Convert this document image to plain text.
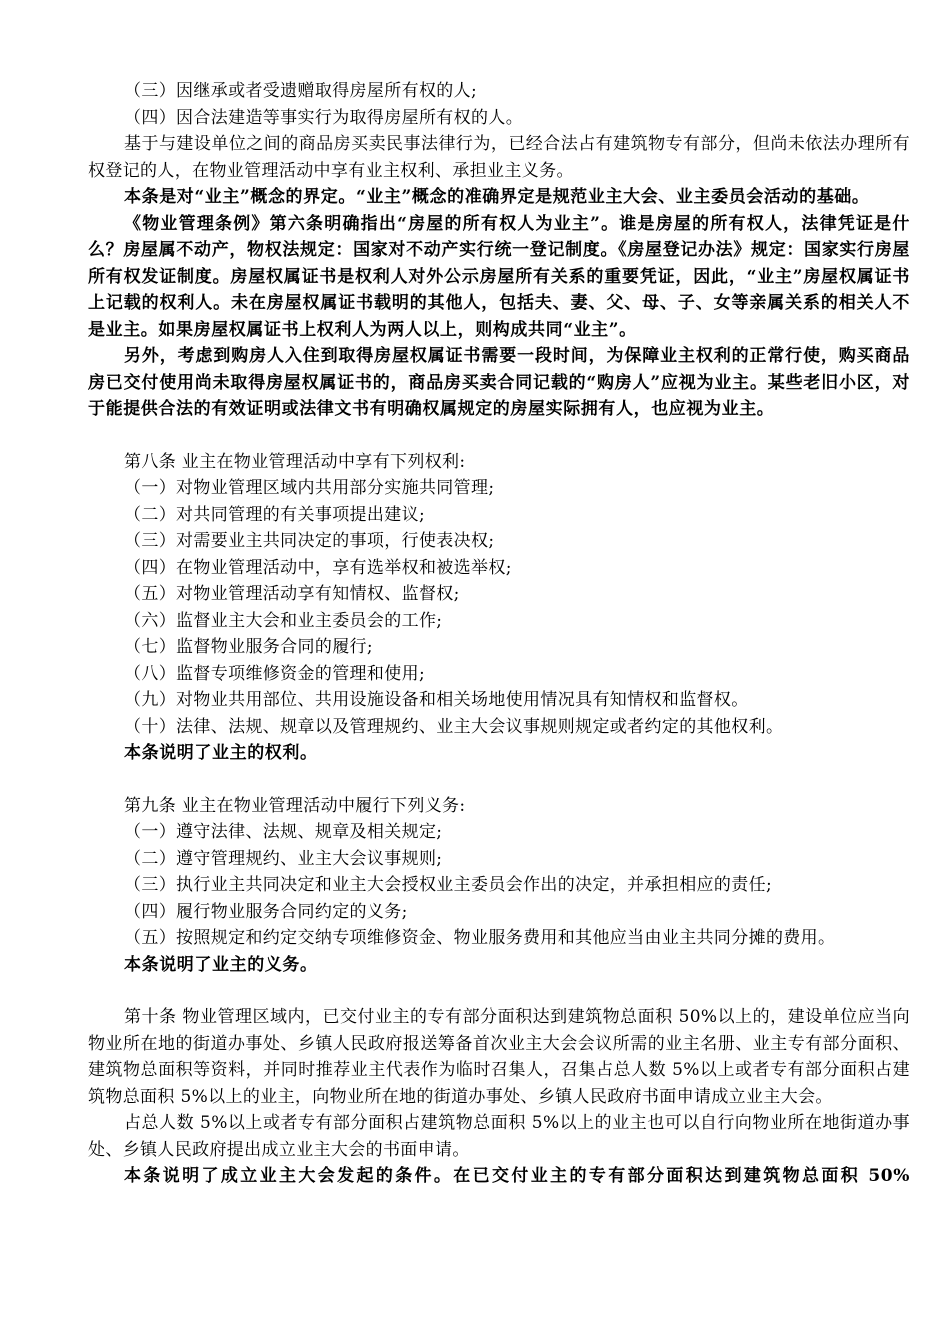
（三）因继承或者受遗赠取得房屋所有权的人;

（四）因合法建造等事实行为取得房屋所有权的人。

基于与建设单位之间的商品房买卖民事法律行为，已经合法占有建筑物专有部分，但尚未依法办理所有权登记的人，在物业管理活动中享有业主权利、承担业主义务。

本条是对“业主”概念的界定。“业主”概念的准确界定是规范业主大会、业主委员会活动的基础。

《物业管理条例》第六条明确指出“房屋的所有权人为业主”。谁是房屋的所有权人，法律凭证是什么？房屋属不动产，物权法规定：国家对不动产实行统一登记制度。《房屋登记办法》规定：国家实行房屋所有权发证制度。房屋权属证书是权利人对外公示房屋所有关系的重要凭证，因此，“业主”房屋权属证书上记载的权利人。未在房屋权属证书载明的其他人，包括夫、妻、父、母、子、女等亲属关系的相关人不是业主。如果房屋权属证书上权利人为两人以上，则构成共同“业主”。

另外，考虑到购房人入住到取得房屋权属证书需要一段时间，为保障业主权利的正常行使，购买商品房已交付使用尚未取得房屋权属证书的，商品房买卖合同记载的“购房人”应视为业主。某些老旧小区，对于能提供合法的有效证明或法律文书有明确权属规定的房屋实际拥有人，也应视为业主。

第八条 业主在物业管理活动中享有下列权利:

（一）对物业管理区域内共用部分实施共同管理;

（二）对共同管理的有关事项提出建议;

（三）对需要业主共同决定的事项，行使表决权;

（四）在物业管理活动中，享有选举权和被选举权;

（五）对物业管理活动享有知情权、监督权;

（六）监督业主大会和业主委员会的工作;

（七）监督物业服务合同的履行;

（八）监督专项维修资金的管理和使用;

（九）对物业共用部位、共用设施设备和相关场地使用情况具有知情权和监督权。

（十）法律、法规、规章以及管理规约、业主大会议事规则规定或者约定的其他权利。

本条说明了业主的权利。

第九条 业主在物业管理活动中履行下列义务:

（一）遵守法律、法规、规章及相关规定;

（二）遵守管理规约、业主大会议事规则;

（三）执行业主共同决定和业主大会授权业主委员会作出的决定，并承担相应的责任;

（四）履行物业服务合同约定的义务;

（五）按照规定和约定交纳专项维修资金、物业服务费用和其他应当由业主共同分摊的费用。

本条说明了业主的义务。

第十条 物业管理区域内，已交付业主的专有部分面积达到建筑物总面积 50%以上的，建设单位应当向物业所在地的街道办事处、乡镇人民政府报送筹备首次业主大会会议所需的业主名册、业主专有部分面积、建筑物总面积等资料，并同时推荐业主代表作为临时召集人，召集占总人数 5%以上或者专有部分面积占建筑物总面积 5%以上的业主，向物业所在地的街道办事处、乡镇人民政府书面申请成立业主大会。

占总人数 5%以上或者专有部分面积占建筑物总面积 5%以上的业主也可以自行向物业所在地街道办事处、乡镇人民政府提出成立业主大会的书面申请。

本条说明了成立业主大会发起的条件。在已交付业主的专有部分面积达到建筑物总面积 50%
